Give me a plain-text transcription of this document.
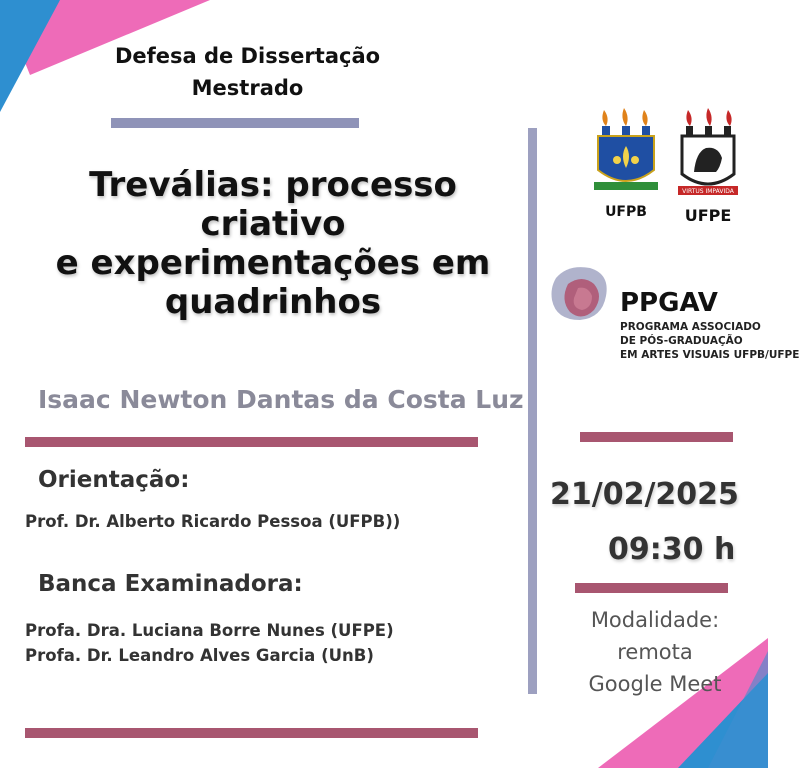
Defesa de Dissertação
Mestrado
Treválias: processo criativo
e experimentações em
quadrinhos
Isaac Newton Dantas da Costa Luz
Orientação:
Prof. Dr. Alberto Ricardo Pessoa (UFPB))
Banca Examinadora:
Profa. Dra. Luciana Borre Nunes (UFPE)
Profa. Dr. Leandro Alves Garcia (UnB)
UFPB
VIRTUS IMPAVIDA
UFPE
PPGAV
PROGRAMA ASSOCIADO
DE PÓS-GRADUAÇÃO
EM ARTES VISUAIS UFPB/UFPE
21/02/2025
09:30 h
Modalidade:
remota
Google Meet
